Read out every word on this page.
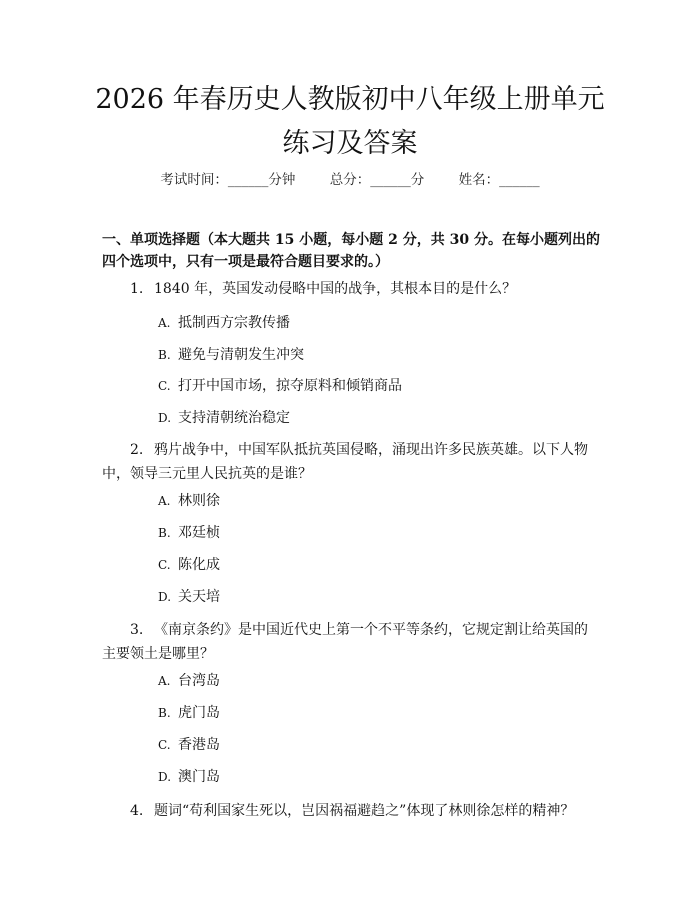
2026 年春历史人教版初中八年级上册单元练习及答案
考试时间：______分钟	总分：______分	姓名：______
一、单项选择题（本大题共 15 小题，每小题 2 分，共 30 分。在每小题列出的四个选项中，只有一项是最符合题目要求的。）
1. 1840 年，英国发动侵略中国的战争，其根本目的是什么？
A. 抵制西方宗教传播
B. 避免与清朝发生冲突
C. 打开中国市场，掠夺原料和倾销商品
D. 支持清朝统治稳定
2. 鸦片战争中，中国军队抵抗英国侵略，涌现出许多民族英雄。以下人物中，领导三元里人民抗英的是谁？
A. 林则徐
B. 邓廷桢
C. 陈化成
D. 关天培
3. 《南京条约》是中国近代史上第一个不平等条约，它规定割让给英国的主要领土是哪里？
A. 台湾岛
B. 虎门岛
C. 香港岛
D. 澳门岛
4. 题词“苟利国家生死以，岂因祸福避趋之”体现了林则徐怎样的精神？
